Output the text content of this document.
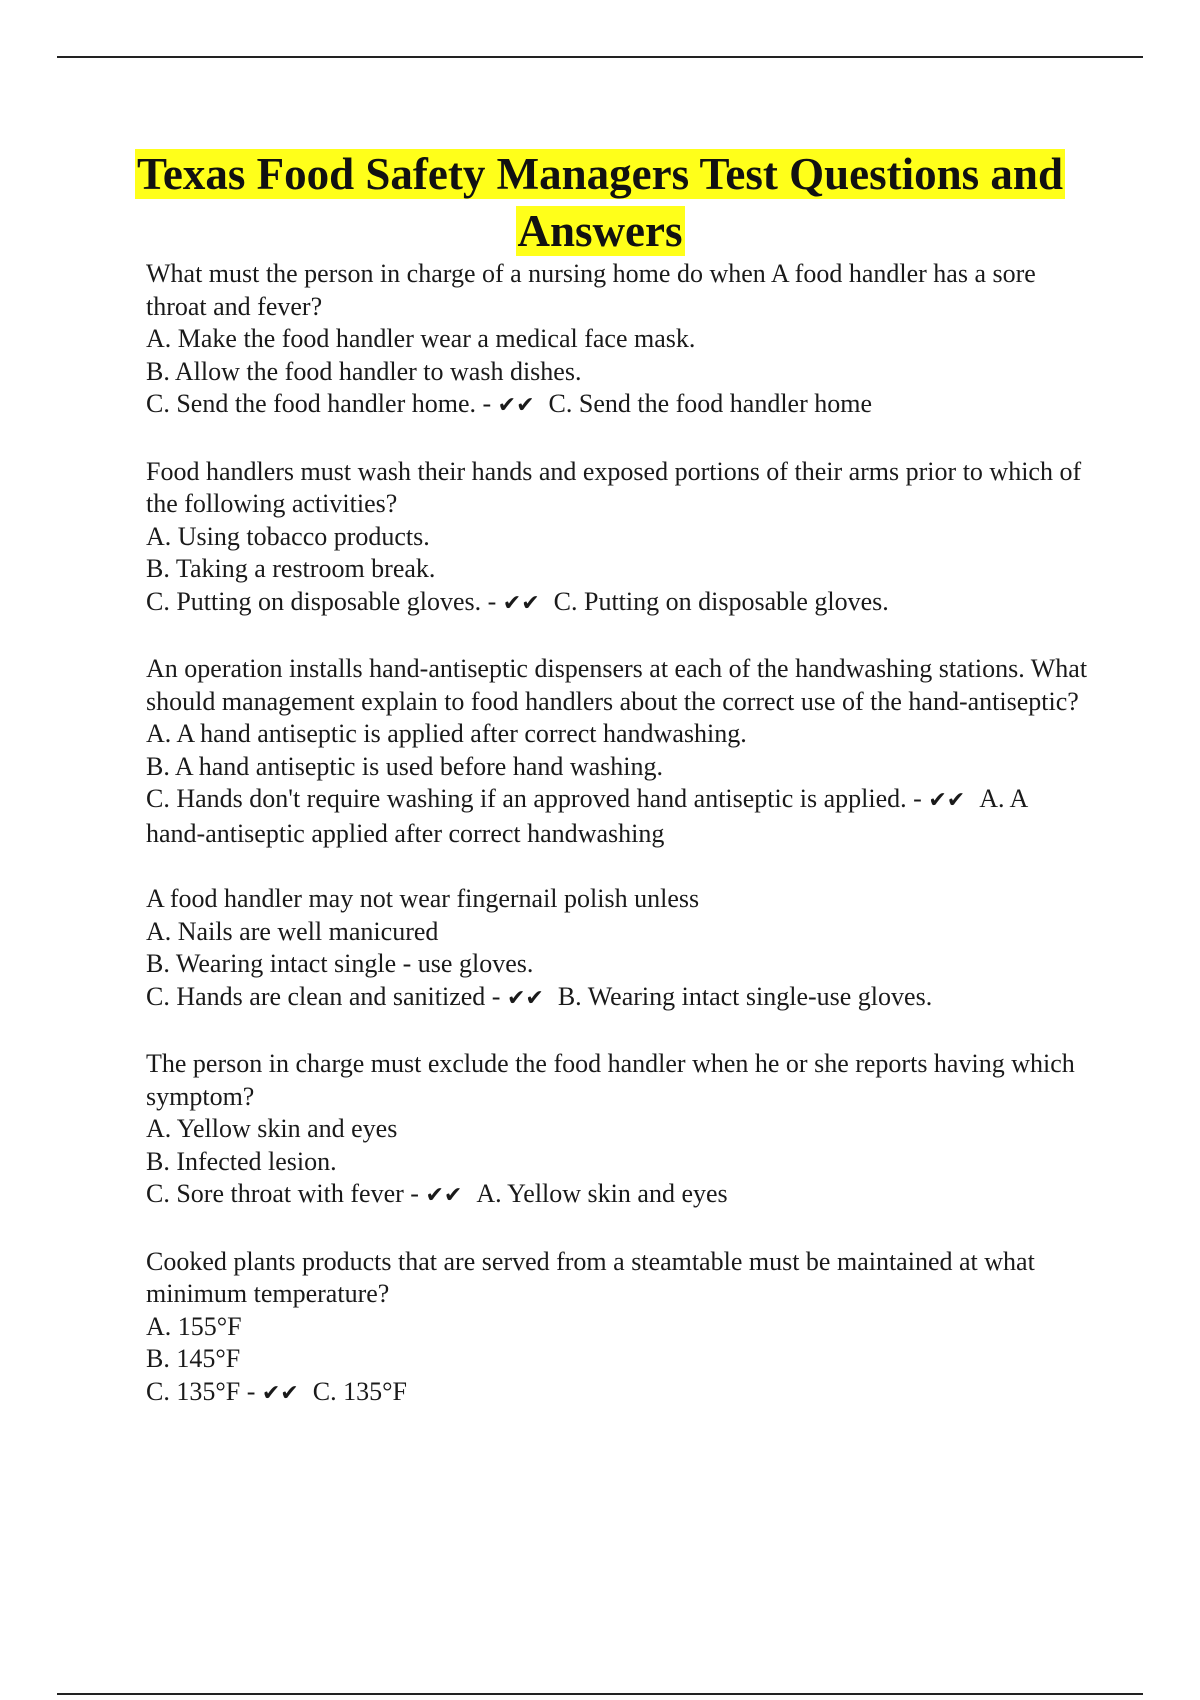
Texas Food Safety Managers Test Questions and Answers
What must the person in charge of a nursing home do when A food handler has a sore throat and fever?
A. Make the food handler wear a medical face mask.
B. Allow the food handler to wash dishes.
C. Send the food handler home. - ✔✔ C. Send the food handler home
Food handlers must wash their hands and exposed portions of their arms prior to which of the following activities?
A. Using tobacco products.
B. Taking a restroom break.
C. Putting on disposable gloves. - ✔✔ C. Putting on disposable gloves.
An operation installs hand-antiseptic dispensers at each of the handwashing stations. What should management explain to food handlers about the correct use of the hand-antiseptic?
A. A hand antiseptic is applied after correct handwashing.
B. A hand antiseptic is used before hand washing.
C. Hands don't require washing if an approved hand antiseptic is applied. - ✔✔ A. A hand-antiseptic applied after correct handwashing
A food handler may not wear fingernail polish unless
A. Nails are well manicured
B. Wearing intact single - use gloves.
C. Hands are clean and sanitized - ✔✔ B. Wearing intact single-use gloves.
The person in charge must exclude the food handler when he or she reports having which symptom?
A. Yellow skin and eyes
B. Infected lesion.
C. Sore throat with fever - ✔✔ A. Yellow skin and eyes
Cooked plants products that are served from a steamtable must be maintained at what minimum temperature?
A. 155°F
B. 145°F
C. 135°F - ✔✔ C. 135°F
